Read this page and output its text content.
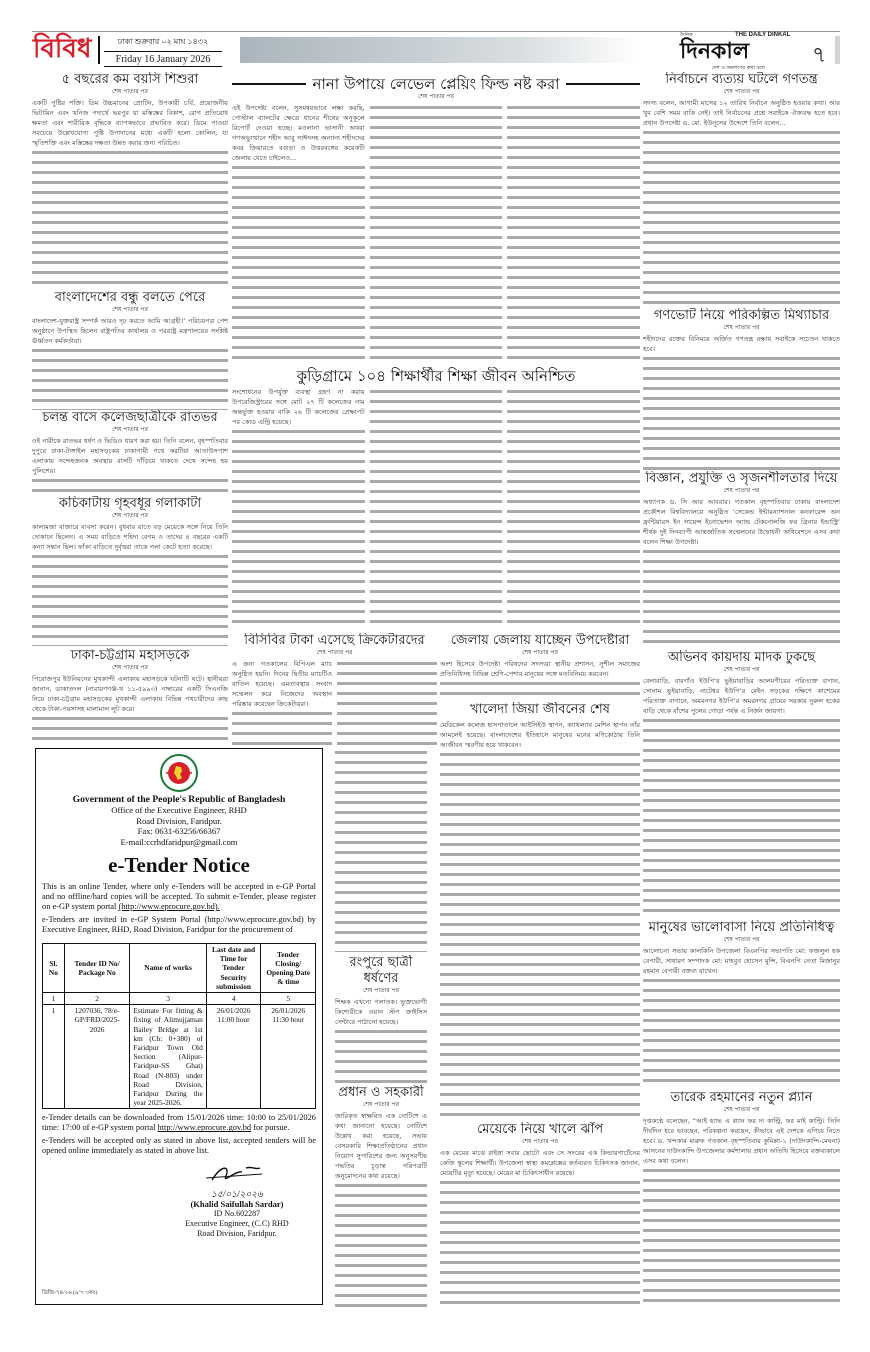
বিবিধ	ঢাকা শুক্রবার ০২ মাঘ ১৪৩২
Friday 16 January 2026
দৈনিক	THE DAILY DINKAL
দিনকাল
দেশ ও জনগণের কথা বলে ৭
৫ বছরের কম বয়সি শিশুরা
শেষ পাতার পর
একটি পুষ্টির শক্তি। ডিম উচ্চমানের প্রোটিন, উপকারী চর্বি, প্রয়োজনীয় ভিটামিন এবং খনিজ পদার্থে ভরপুর যা মস্তিষ্কের বিকাশ, রোগ প্রতিরোধ ক্ষমতা এবং শারীরিক বৃদ্ধিকে ব্যাপকভাবে প্রভাবিত করে। ডিমে পাওয়া সবচেয়ে উল্লেখযোগ্য পুষ্টি উপাদানের মধ্যে একটি হলো কোলিন, যা স্মৃতিশক্তি এবং মস্তিষ্কের দক্ষতা উন্নত করার জন্য পরিচিত।
বাংলাদেশের বন্ধু বলতে পেরে
শেষ পাতার পর
বাংলাদেশ-যুক্তরাষ্ট্র সম্পর্ক আরও দৃঢ় করতে আমি আগ্রহী।’ পরিচয়পত্র পেশ অনুষ্ঠানে উপস্থিত ছিলেন রাষ্ট্রপতির কার্যালয় ও পররাষ্ট্র মন্ত্রণালয়ের সংশ্লিষ্ট ঊর্ধ্বতন কর্মকর্তারা।
চলন্ত বাসে কলেজছাত্রীকে রাতভর
শেষ পাতার পর
ওই নারীকে রাতভর ধর্ষণ ও ভিডিও ধারণ করা হয়। তিনি বলেন, বৃহস্পতিবার দুপুরে ঢাকা-টাঙ্গাইল মহাসড়কের ঢাকাগামী পথে করটিয়া আতাউসপাশ এলাকায় সন্দেহজনক অবস্থায় বাসটি দাঁড়িয়ে থাকতে দেখে সন্দেহ হয় পুলিশের।
কচিকাটায় গৃহবধূর গলাকাটা
শেষ পাতার পর
কালামজা বাজারে ব্যবসা করেন। বুধবার রাতে বড় মেয়েকে সঙ্গে নিয়ে তিনি দোকানে ছিলেন। এ সময় বাড়িতে শহিদা বেগম ও তাদের ৪ বছরের একটি কন্যা সন্তান ছিল। ফাঁকা বাড়িতে দুর্বৃত্তরা তাকে গলা কেটে হত্যা করেছে।
ঢাকা-চট্টগ্রাম মহাসড়কে
শেষ পাতার পর
পিরোজপুর ইউনিয়নের মুখকান্দী এলাকায় মহাসড়কে ঘটনাটি ঘটে। স্থানীয়রা জানান, ডাকাতদল (নারায়ণগঞ্জ-থ ১১-৫৯৯৩) নাম্বারের একটি সিএনজি নিয়ে ঢাকা-চট্টগ্রাম মহাসড়কের মুখকান্দী এলাকায় বিভিন্ন পথচারীদের কাছ থেকে টাকা-পয়সাসহ মালামাল লুট করে।
নানা উপায়ে লেভেল প্লেয়িং ফিল্ড নষ্ট করা
শেষ পাতার পর
এই উপদেষ্টা বলেন, সুসমন্বয়ভাবে লক্ষ্য করছি, পোস্টাল ব্যালটের ক্ষেত্রে ধানের শীষের অনুকূলে রিপোর্ট দেওয়া হচ্ছে। মওলানা ভাসানী অথবা গণঅভ্যুত্থানে শহীদ আবু সাঈদসহ অন্যান্য শহীদদের কবর জিয়ারতে বগুড়া ও উত্তরবঙ্গের কয়েকটি জেলায় যেতে চাইলেও...
কুড়িগ্রামে ১০৪ শিক্ষার্থীর শিক্ষা জীবন অনিশ্চিত
সংশোধনের উপর্যুক্ত ব্যবস্থা গ্রহণ না করায় উপরেজিস্ট্রারের সঙ্গে মোট ২৭ টি কলেজের নাম অন্তর্ভুক্ত হওয়ায় বাকি ২৬ টি কলেজের প্রেক্ষাপট পর কোড এন্ট্রি হয়েছে।
বিসিবির টাকা এসেছে ক্রিকেটারদের
শেষ পাতার পর
এ জন্য গতকালের বিপিএল ম্যাচ অনুষ্ঠিত হয়নি। দিনের দ্বিতীয় ম্যাচটিও বাতিল হয়েছে। এমতাবস্থায় সংবাদ সম্মেলন করে নিজেদের অবস্থান পরিষ্কার করেছেন ক্রিকেটাররা।
রংপুরে ছাত্রী ধর্ষণের
শেষ পাতার পর
শিক্ষক এখনো পলাতক। ভুক্তভোগী কিশোরীকে ওয়ান স্টপ ক্রাইসিস সেন্টারে পাঠানো হয়েছে।
প্রধান ও সহকারী
শেষ পাতার পর
জারিকৃত স্বাক্ষরিত এক নোটিশে এ কথা জানানো হয়েছে। নোটিশে উল্লেখ করা হয়েছে, সভায় বেসরকারি শিক্ষাপ্রতিষ্ঠানের প্রধান নিয়োগ সুপারিশের জন্য অনুসরণীয় পদ্ধতির চূড়ান্ত পরিপত্রটি অনুমোদনের কথা রয়েছে।
জেলায় জেলায় যাচ্ছেন উপদেষ্টারা
শেষ পাতার পর
অংশ হিসেবে উপদেষ্টা পরিষদের সদস্যরা স্থানীয় প্রশাসন, সুশীল সমাজের প্রতিনিধিসহ বিভিন্ন শ্রেণি-পেশার মানুষের সঙ্গে মতবিনিময় করবেন।
খালেদা জিয়া জীবনের শেষ
মেডিকেল কলেজ হাসপাতালে আইসিইউ স্থাপন, ক্যাথল্যাব মেশিন স্থাপন তাঁর আমলেই হয়েছে। বাংলাদেশের ইতিহাসে মানুষের মনের মণিকোঠায় তিনি আজীবন স্মরণীয় হয়ে থাকবেন।
মেয়েকে নিয়ে খালে ঝাঁপ
শেষ পাতার পর
এক মেয়ের মাঝে রাইস্না সবার ছোটো এবং সে সদরের এক কিন্ডারগার্টেনের কেজি স্কুলের শিক্ষার্থী। উপজেলা স্বাস্থ্য কমপ্লেক্সের কর্তব্যরত চিকিৎসক জানান, মেয়েটির মৃত্যু হয়েছে। মেয়ের মা চিকিৎসাধীন রয়েছে।
নির্বাচনে ব্যত্যয় ঘটলে গণতন্ত্র
শেষ পাতার পর
সদস্য বলেন, আগামী মাসের ১২ তারিখ নির্বাচন অনুষ্ঠিত হওয়ার কথা। আর খুব বেশি সময় বাকি নেই। তাই নির্বাচনের প্রশ্নে সবাইকে ঐক্যবদ্ধ হতে হবে। প্রধান উপদেষ্টা ড. মো. ইউনূসের উদ্দেশে তিনি বলেন...
গণভোট নিয়ে পরিকল্পিত মিথ্যাচার
শেষ পাতার পর
শহীদদের রক্তের বিনিময়ে অর্জিত গণতন্ত্র রক্ষায় সবাইকে সচেতন থাকতে হবে।
বিজ্ঞান, প্রযুক্তি ও সৃজনশীলতার দিয়ে
শেষ পাতার পর
অধ্যাপক ড. সি আর আবরার। গতকাল বৃহস্পতিবার ঢাকায় বাংলাদেশ প্রকৌশল বিশ্ববিদ্যালয়ে অনুষ্ঠিত ‘সেকেন্ড ইন্টারন্যাশনাল কনফারেন্স অন ফ্রন্টিয়ারস ইন সায়েন্স ইনোভেশন অ্যান্ড টেকনোলজি ফর গ্রিনার ইন্ডাস্ট্রি’ শীর্ষক দুই দিনব্যাপী আন্তর্জাতিক সম্মেলনের উদ্বোধনী অধিবেশনে এসব কথা বলেন শিক্ষা উপদেষ্টা।
অভিনব কায়দায় মাদক ঢুকছে
শেষ পাতার পর
বেলাবাড়ি, বারগাঁও ইউপি’র ভুইয়াবাড়ির আলমগীরের পরিত্যক্ত বাগান, সোনাম ভুইয়াবাড়ি, নাটেশ্বর ইউপি’র মেইন সড়কের দক্ষিণে কাশেমের পরিত্যক্ত বাগানে, অমরনগর ইউপি’র অমরনগর গ্রামের সরকার নুরুল হকের বাড়ি থেকে বাঁশের পুলের গোড়া পর্যন্ত এ নির্জন জায়গা।
মানুষের ভালোবাসা নিয়ে প্রতিনিধিত্ব
শেষ পাতার পর
আলোচনা সভায় কালকিনি উপজেলা বিএনপির সভাপতি মো: ফজলুল হক বেপারী, সাধারণ সম্পাদক মো: মাহবুব হোসেন মুন্সি, বিএনপি নেতা মিজানুর রহমান বেপারী বক্তব্য রাখেন।
তারেক রহমানের নতুন প্ল্যান
শেষ পাতার পর
দৃপ্তকণ্ঠে বলেছেন, “আই হ্যাভ এ প্ল্যান ফর দ্য কান্ট্রি, ফর মাই কান্ট্রি। তিনি দীর্ঘদিন ধরে ভাবছেন, পরিকল্পনা করছেন, কীভাবে এই দেশকে এগিয়ে নিতে হবে। ড. খন্দকার মারুফ গতকাল বৃহস্পতিবার কুমিল্লা-১ (দাউদকান্দি-মেঘনা) আসনের দাউদকান্দি উপজেলার কর্মশালায় প্রধান অতিথি হিসেবে বক্তব্যকালে এসব কথা বলেন।
Government of the People's Republic of Bangladesh
Office of the Executive Engineer, RHD
Road Division, Faridpur.
Fax: 0631-63256/66367
E-mail:ccrhdfaridpur@gmail.com
e-Tender Notice
This is an online Tender, where only e-Tenders will be accepted in e-GP Portal and no offline/hard copies will be accepted. To submit e-Tender, please register on e-GP system portal (http://www.eprocure.gov.bd).
e-Tenders are invited in e-GP System Portal (http://www.eprocure.gov.bd) by Executive Engineer, RHD, Road Division, Faridpur for the procurement of
Sl. No	Tender ID No/ Package No	Name of works	Last date and Time for Tender Security submission	Tender Closing/ Opening Date & time
1	2	3	4	5
1	1207036, 78/e-GP/FRD/2025-2026	Estimate For fitting & fixing of Alimujjaman Bailey Bridge at 1st km (Ch: 0+380) of Faridpur Town Old Section (Alipur-Faridpur-SS Ghat) Road (N-803) under Road Division, Faridpur During the year 2025-2026.	26/01/2026 11:00 hour	26/01/2026 11:30 hour
e-Tender details can be downloaded from 15/01/2026 time: 10:00 to 25/01/2026 time: 17:00 of e-GP system portal http://www.eprocure.gov.bd for pursue.
e-Tenders will be accepted only as stated in above list, accepted tenders will be opened online immediately as stated in above list.
১৫/০১/২০২৬
(Khalid Saifullah Sardar)
ID No.602287
Executive Engineer, (C.C) RHD
Road Division, Faridpur.
ডিজি-৭৪/২৬ (৯"× ৩কঃ)
